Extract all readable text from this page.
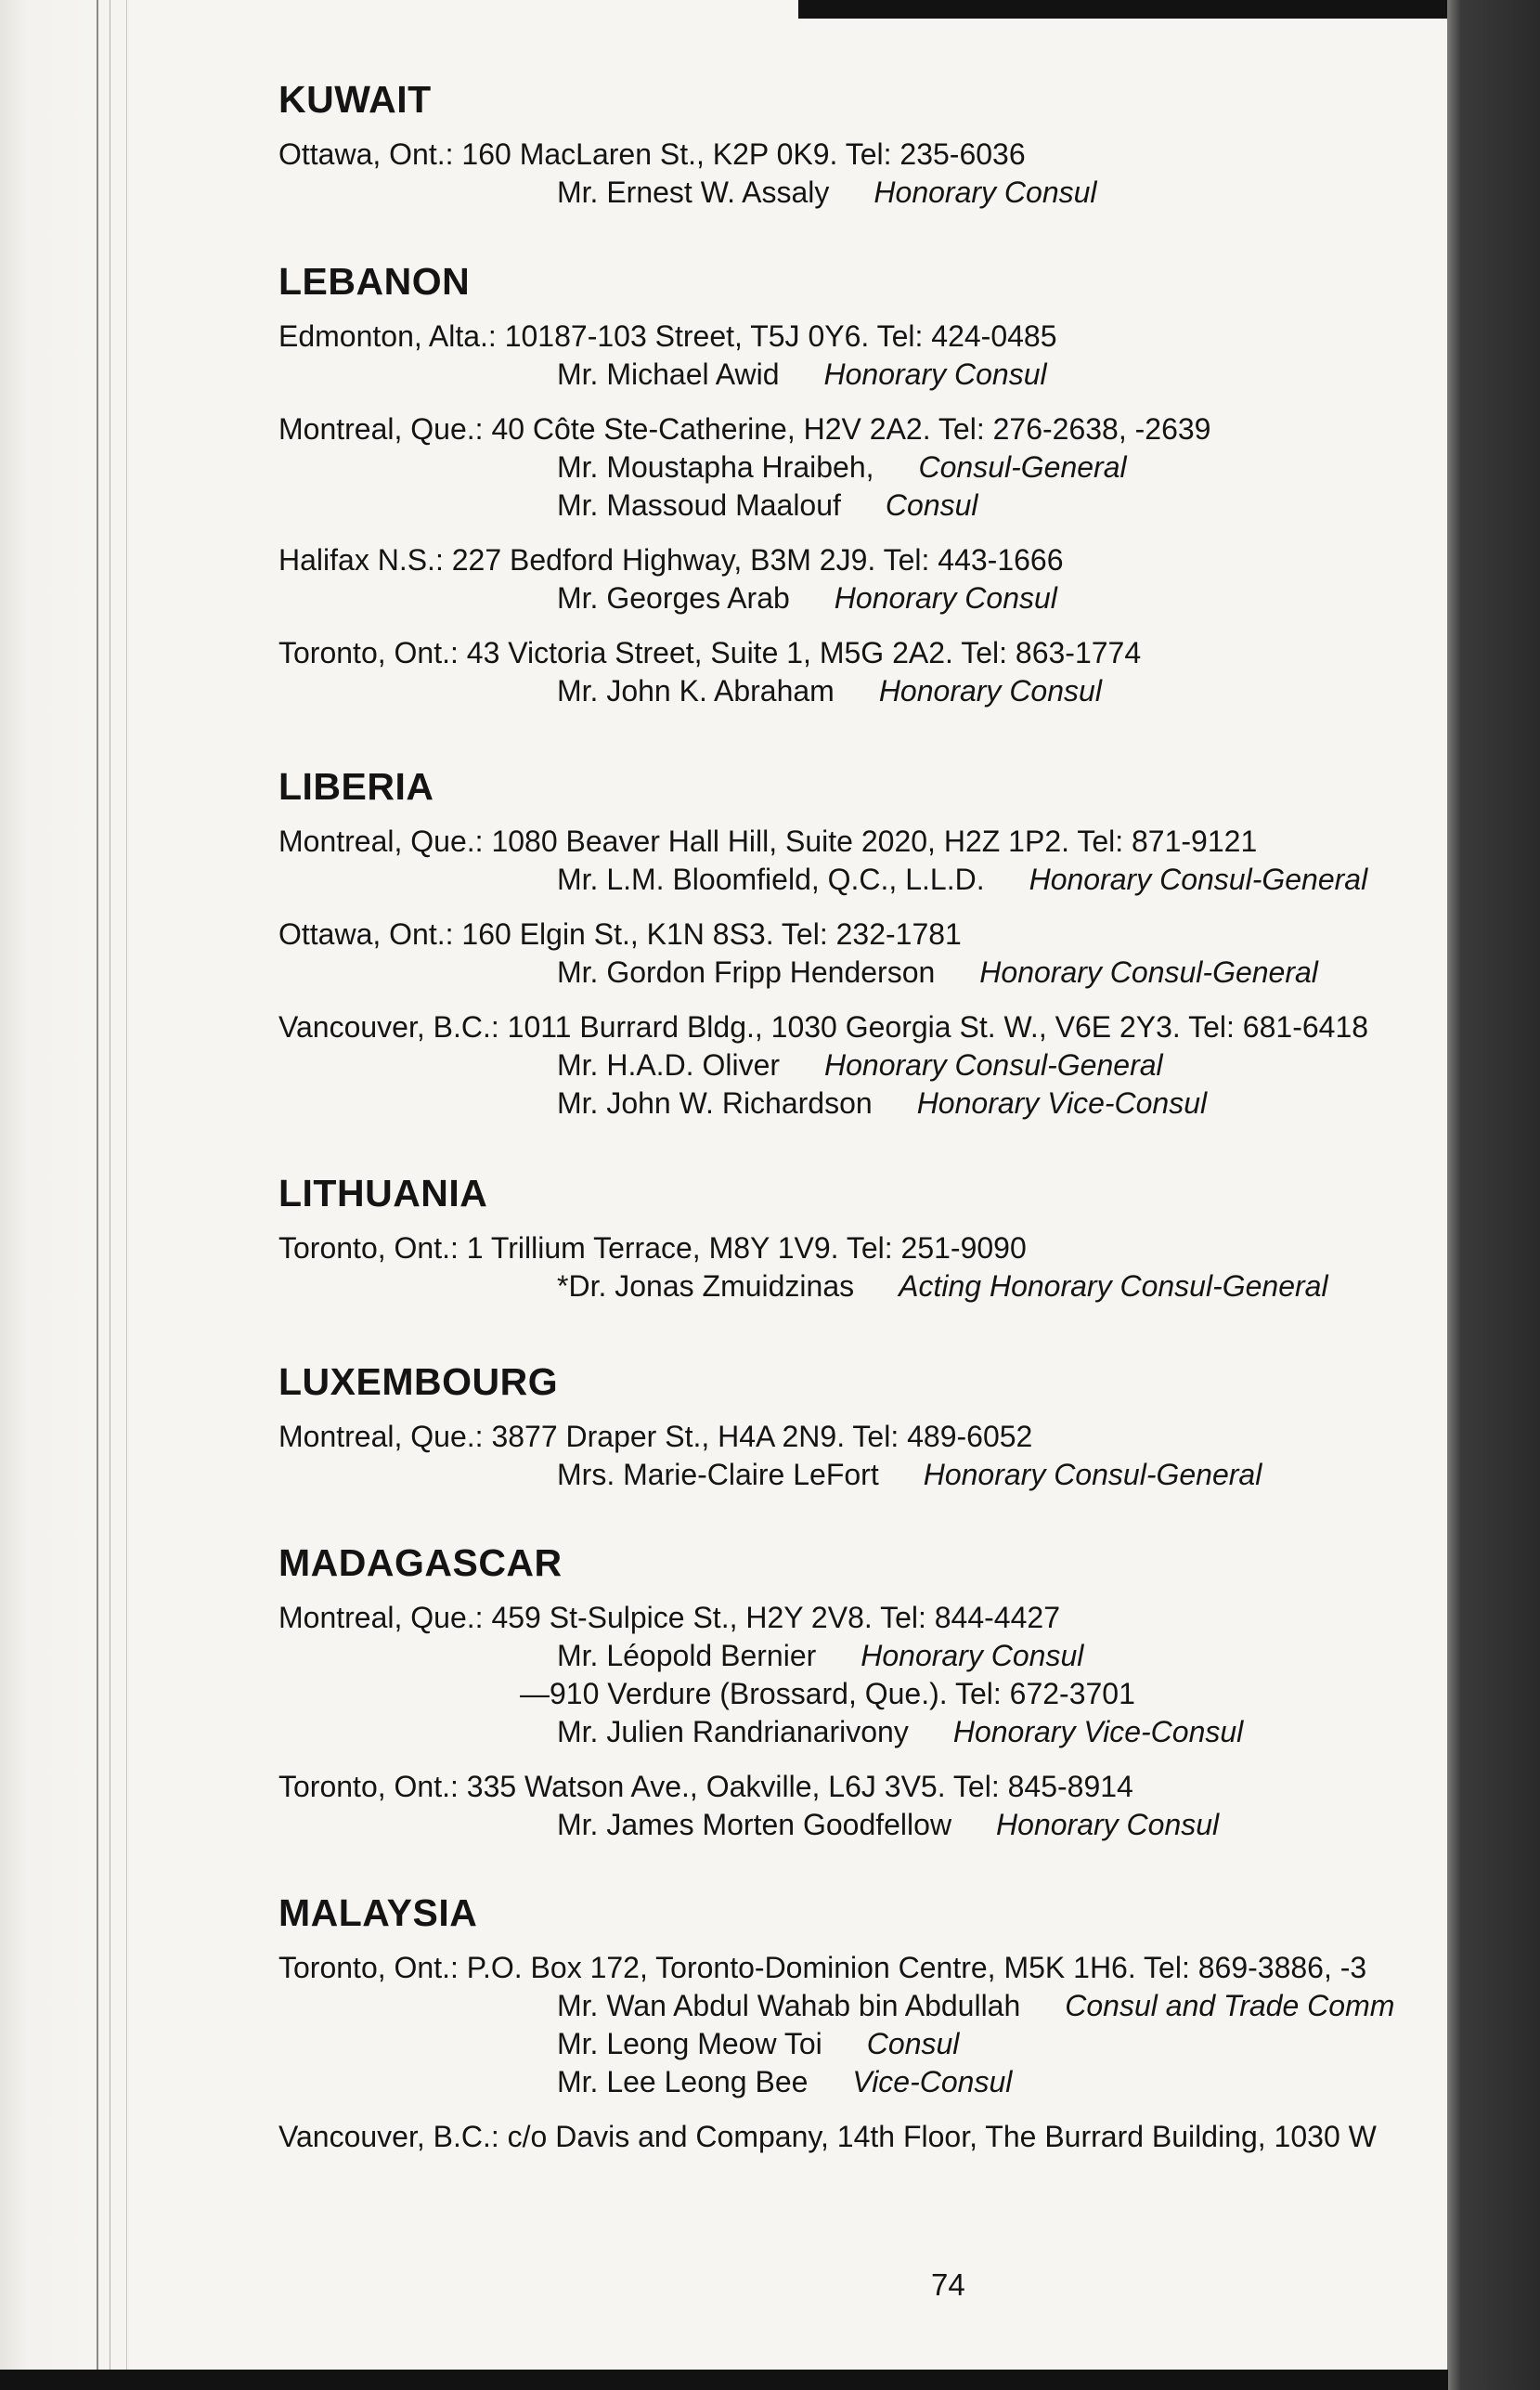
KUWAIT
Ottawa, Ont.: 160 MacLaren St., K2P 0K9. Tel: 235-6036
Mr. Ernest W. Assaly Honorary Consul
LEBANON
Edmonton, Alta.: 10187-103 Street, T5J 0Y6. Tel: 424-0485
Mr. Michael Awid Honorary Consul
Montreal, Que.: 40 Côte Ste-Catherine, H2V 2A2. Tel: 276-2638, -2639
Mr. Moustapha Hraibeh, Consul-General
Mr. Massoud Maalouf Consul
Halifax N.S.: 227 Bedford Highway, B3M 2J9. Tel: 443-1666
Mr. Georges Arab Honorary Consul
Toronto, Ont.: 43 Victoria Street, Suite 1, M5G 2A2. Tel: 863-1774
Mr. John K. Abraham Honorary Consul
LIBERIA
Montreal, Que.: 1080 Beaver Hall Hill, Suite 2020, H2Z 1P2. Tel: 871-9121
Mr. L.M. Bloomfield, Q.C., L.L.D. Honorary Consul-General
Ottawa, Ont.: 160 Elgin St., K1N 8S3. Tel: 232-1781
Mr. Gordon Fripp Henderson Honorary Consul-General
Vancouver, B.C.: 1011 Burrard Bldg., 1030 Georgia St. W., V6E 2Y3. Tel: 681-6418
Mr. H.A.D. Oliver Honorary Consul-General
Mr. John W. Richardson Honorary Vice-Consul
LITHUANIA
Toronto, Ont.: 1 Trillium Terrace, M8Y 1V9. Tel: 251-9090
*Dr. Jonas Zmuidzinas Acting Honorary Consul-General
LUXEMBOURG
Montreal, Que.: 3877 Draper St., H4A 2N9. Tel: 489-6052
Mrs. Marie-Claire LeFort Honorary Consul-General
MADAGASCAR
Montreal, Que.: 459 St-Sulpice St., H2Y 2V8. Tel: 844-4427
Mr. Léopold Bernier Honorary Consul
—910 Verdure (Brossard, Que.). Tel: 672-3701
Mr. Julien Randrianarivony Honorary Vice-Consul
Toronto, Ont.: 335 Watson Ave., Oakville, L6J 3V5. Tel: 845-8914
Mr. James Morten Goodfellow Honorary Consul
MALAYSIA
Toronto, Ont.: P.O. Box 172, Toronto-Dominion Centre, M5K 1H6. Tel: 869-3886, -3
Mr. Wan Abdul Wahab bin Abdullah Consul and Trade Comm
Mr. Leong Meow Toi Consul
Mr. Lee Leong Bee Vice-Consul
Vancouver, B.C.: c/o Davis and Company, 14th Floor, The Burrard Building, 1030 W
74
